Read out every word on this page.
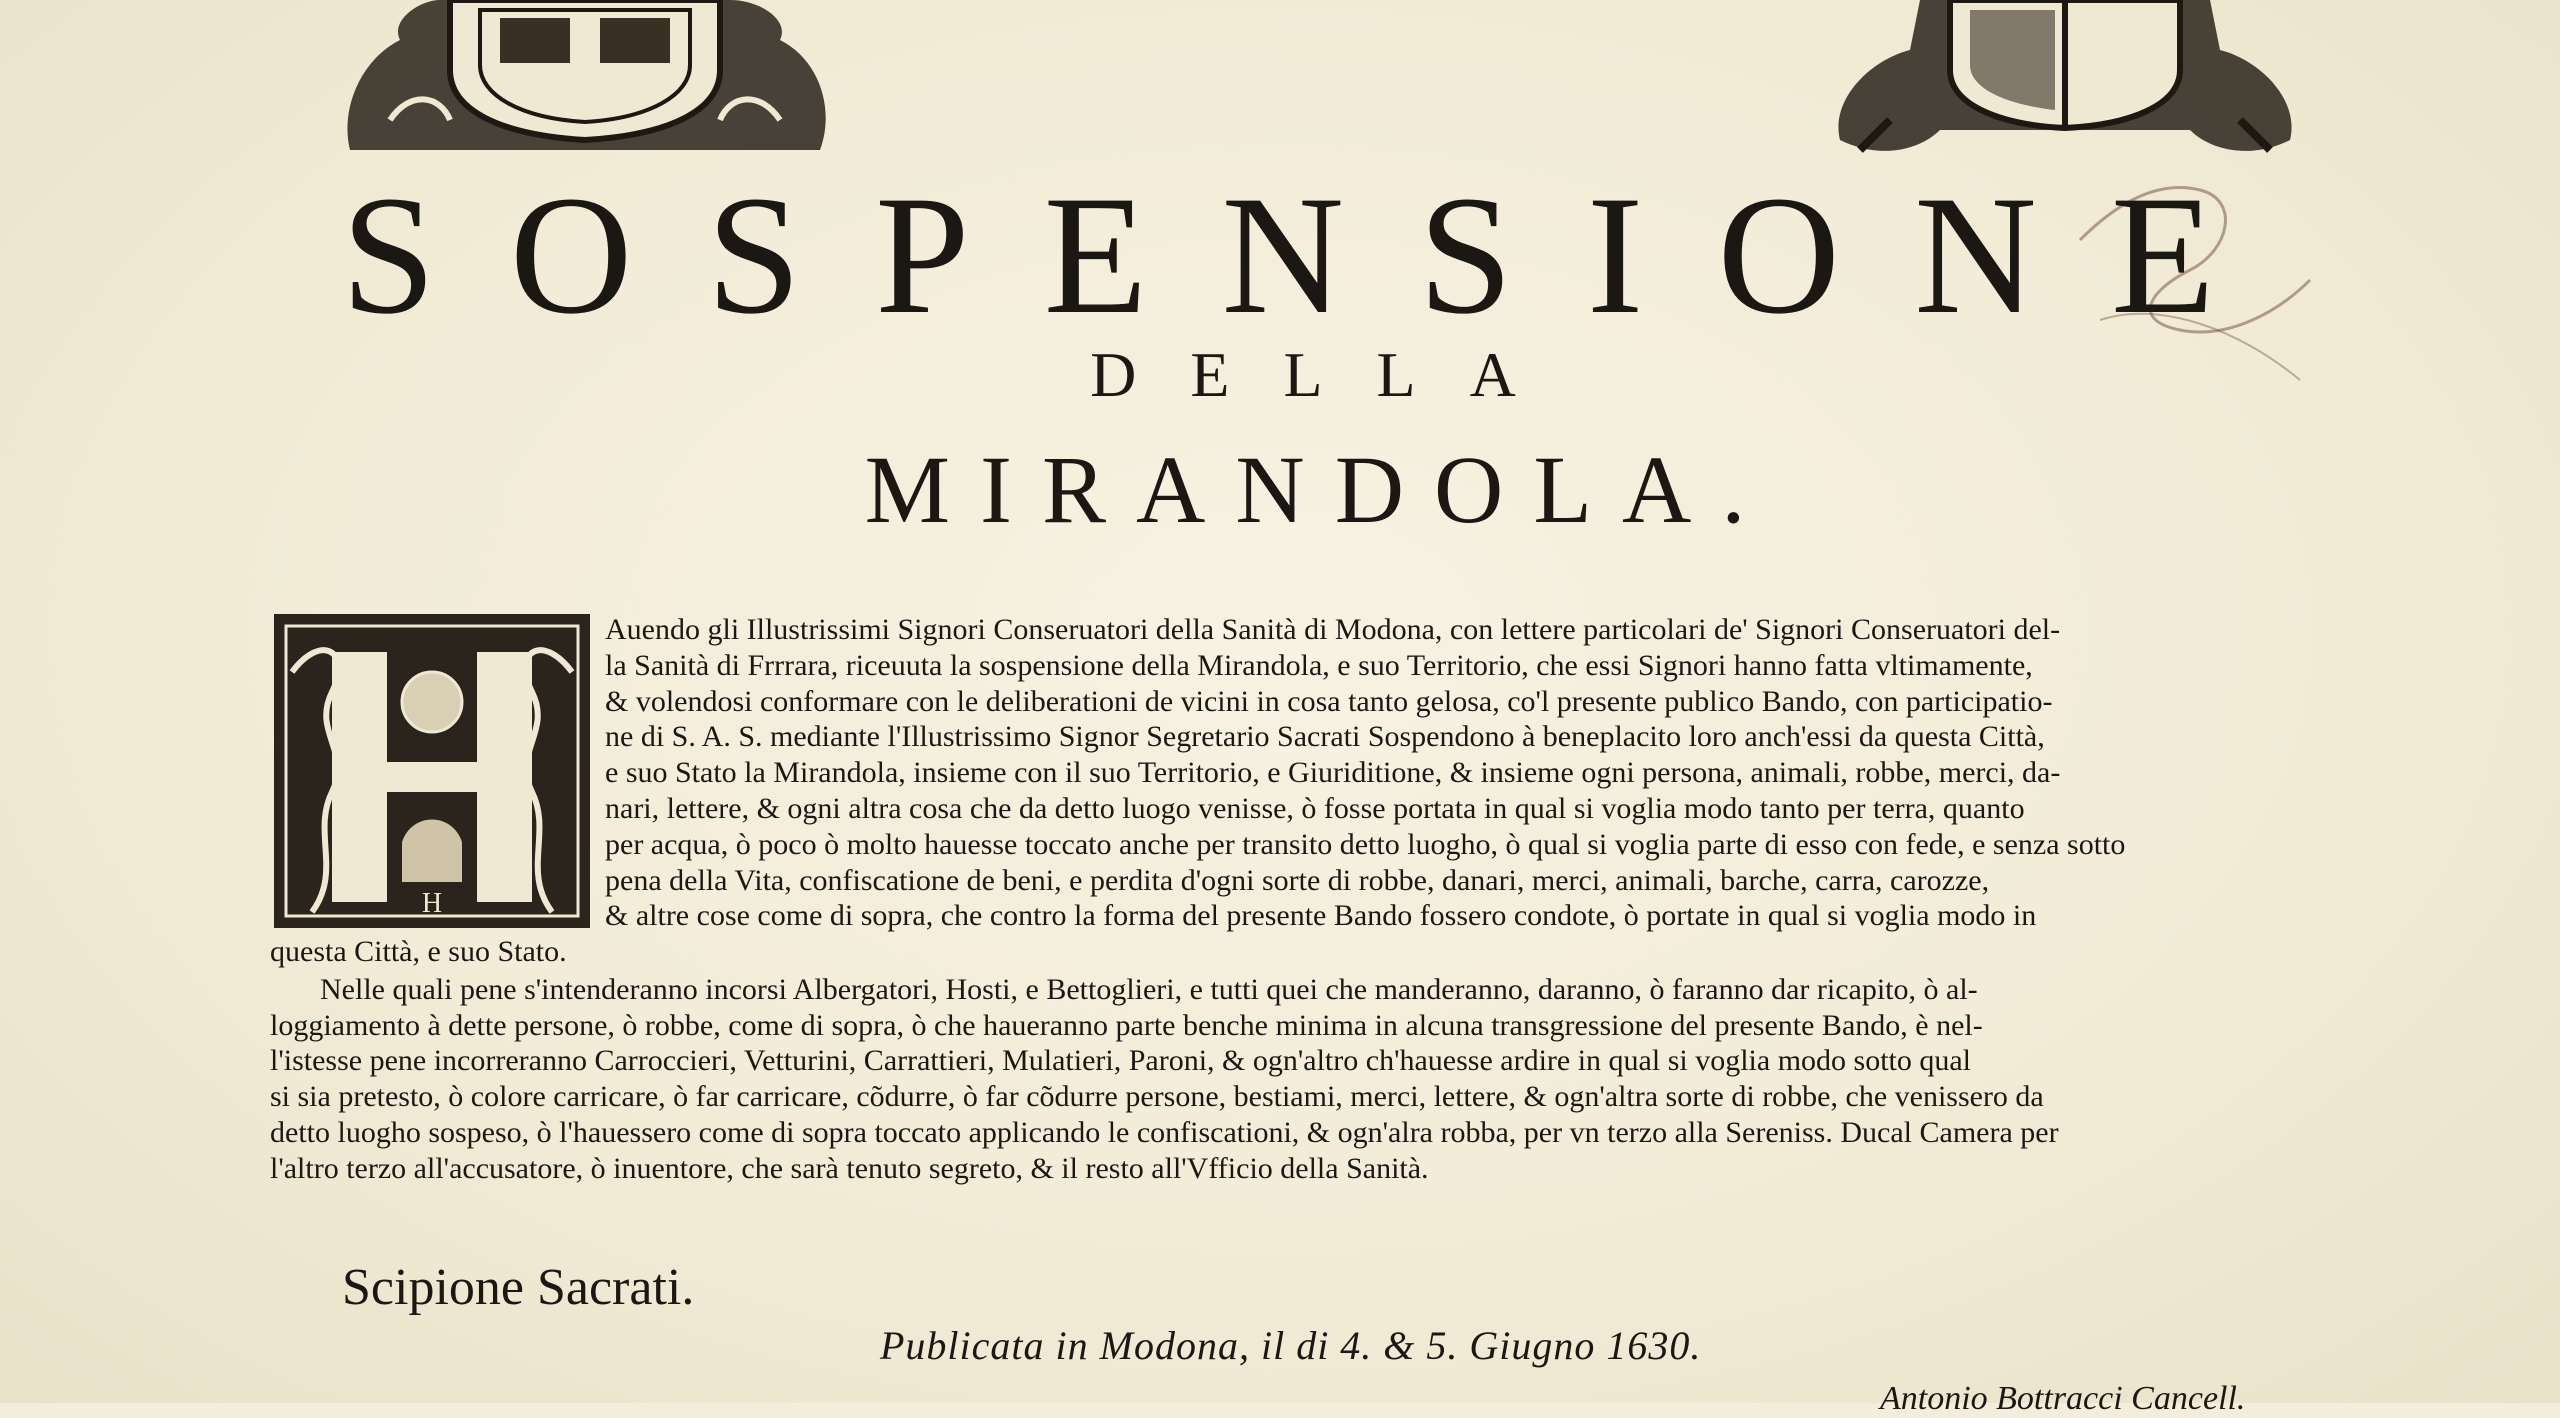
SOSPENSIONE
DELLA
MIRANDOLA.
H
Auendo gli Illustrissimi Signori Conseruatori della Sanità di Modona, con lettere particolari de' Signori Conseruatori del-
la Sanità di Frrrara, riceuuta la sospensione della Mirandola, e suo Territorio, che essi Signori hanno fatta vltimamente,
& volendosi conformare con le deliberationi de vicini in cosa tanto gelosa, co'l presente publico Bando, con participatio-
ne di S. A. S. mediante l'Illustrissimo Signor Segretario Sacrati Sospendono à beneplacito loro anch'essi da questa Città,
e suo Stato la Mirandola, insieme con il suo Territorio, e Giuriditione, & insieme ogni persona, animali, robbe, merci, da-
nari, lettere, & ogni altra cosa che da detto luogo venisse, ò fosse portata in qual si voglia modo tanto per terra, quanto
per acqua, ò poco ò molto hauesse toccato anche per transito detto luogho, ò qual si voglia parte di esso con fede, e senza sotto
pena della Vita, confiscatione de beni, e perdita d'ogni sorte di robbe, danari, merci, animali, barche, carra, carozze,
& altre cose come di sopra, che contro la forma del presente Bando fossero condote, ò portate in qual si voglia modo in
questa Città, e suo Stato.
Nelle quali pene s'intenderanno incorsi Albergatori, Hosti, e Bettoglieri, e tutti quei che manderanno, daranno, ò faranno dar ricapito, ò al-
loggiamento à dette persone, ò robbe, come di sopra, ò che haueranno parte benche minima in alcuna transgressione del presente Bando, è nel-
l'istesse pene incorreranno Carroccieri, Vetturini, Carrattieri, Mulatieri, Paroni, & ogn'altro ch'hauesse ardire in qual si voglia modo sotto qual
si sia pretesto, ò colore carricare, ò far carricare, cõdurre, ò far cõdurre persone, bestiami, merci, lettere, & ogn'altra sorte di robbe, che venissero da
detto luogho sospeso, ò l'hauessero come di sopra toccato applicando le confiscationi, & ogn'alra robba, per vn terzo alla Sereniss. Ducal Camera per
l'altro terzo all'accusatore, ò inuentore, che sarà tenuto segreto, & il resto all'Vfficio della Sanità.
Scipione Sacrati.
Publicata in Modona, il di 4. & 5. Giugno 1630.
Antonio Bottracci Cancell.
